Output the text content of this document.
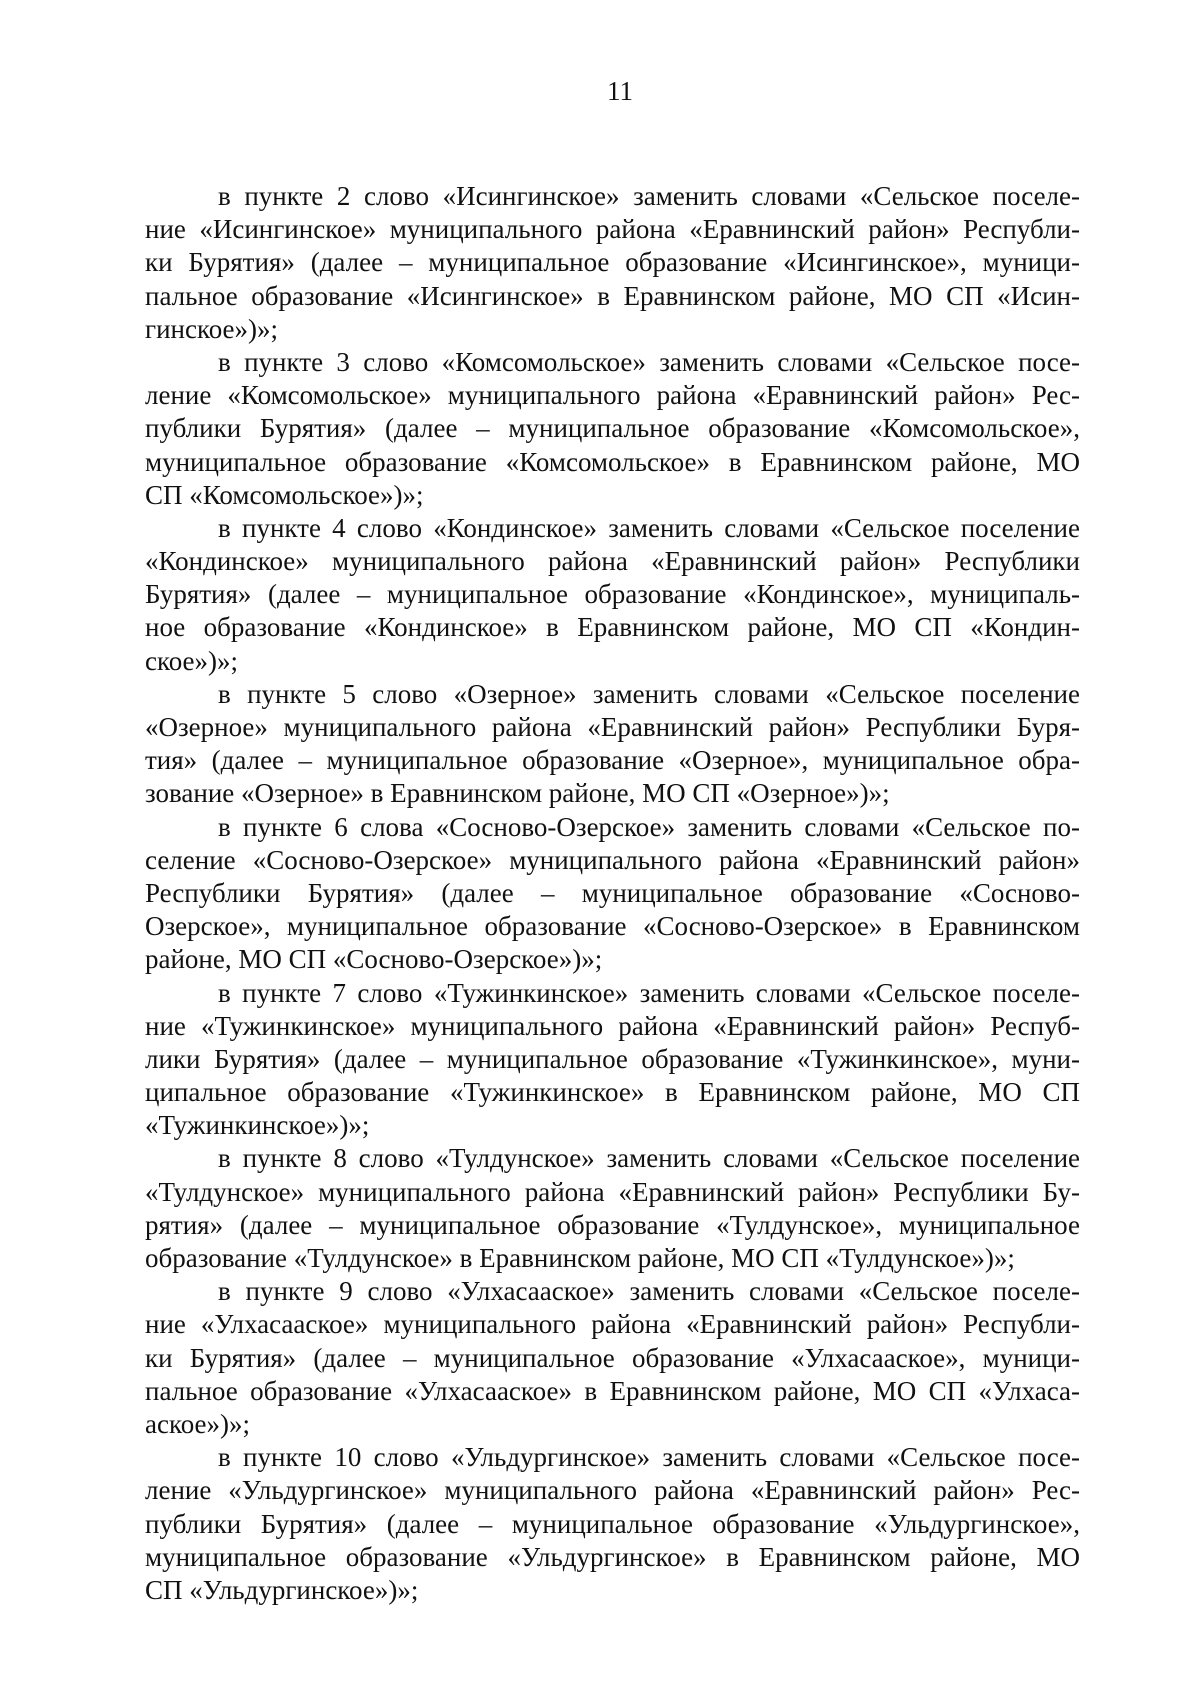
11
в пункте 2 слово «Исингинское» заменить словами «Сельское поселе-
ние «Исингинское» муниципального района «Еравнинский район» Республи-
ки Бурятия» (далее – муниципальное образование «Исингинское», муници-
пальное образование «Исингинское» в Еравнинском районе, МО СП «Исин-
гинское»)»;
в пункте 3 слово «Комсомольское» заменить словами «Сельское посе-
ление «Комсомольское» муниципального района «Еравнинский район» Рес-
публики Бурятия» (далее – муниципальное образование «Комсомольское»,
муниципальное образование «Комсомольское» в Еравнинском районе, МО
СП «Комсомольское»)»;
в пункте 4 слово «Кондинское» заменить словами «Сельское поселение
«Кондинское» муниципального района «Еравнинский район» Республики
Бурятия» (далее – муниципальное образование «Кондинское», муниципаль-
ное образование «Кондинское» в Еравнинском районе, МО СП «Кондин-
ское»)»;
в пункте 5 слово «Озерное» заменить словами «Сельское поселение
«Озерное» муниципального района «Еравнинский район» Республики Буря-
тия» (далее – муниципальное образование «Озерное», муниципальное обра-
зование «Озерное» в Еравнинском районе, МО СП «Озерное»)»;
в пункте 6 слова «Сосново-Озерское» заменить словами «Сельское по-
селение «Сосново-Озерское» муниципального района «Еравнинский район»
Республики Бурятия» (далее – муниципальное образование «Сосново-
Озерское», муниципальное образование «Сосново-Озерское» в Еравнинском
районе, МО СП «Сосново-Озерское»)»;
в пункте 7 слово «Тужинкинское» заменить словами «Сельское поселе-
ние «Тужинкинское» муниципального района «Еравнинский район» Респуб-
лики Бурятия» (далее – муниципальное образование «Тужинкинское», муни-
ципальное образование «Тужинкинское» в Еравнинском районе, МО СП
«Тужинкинское»)»;
в пункте 8 слово «Тулдунское» заменить словами «Сельское поселение
«Тулдунское» муниципального района «Еравнинский район» Республики Бу-
рятия» (далее – муниципальное образование «Тулдунское», муниципальное
образование «Тулдунское» в Еравнинском районе, МО СП «Тулдунское»)»;
в пункте 9 слово «Улхасаaское» заменить словами «Сельское поселе-
ние «Улхасаaское» муниципального района «Еравнинский район» Республи-
ки Бурятия» (далее – муниципальное образование «Улхасаaское», муници-
пальное образование «Улхасаaское» в Еравнинском районе, МО СП «Улхаса-
аское»)»;
в пункте 10 слово «Ульдургинское» заменить словами «Сельское посе-
ление «Ульдургинское» муниципального района «Еравнинский район» Рес-
публики Бурятия» (далее – муниципальное образование «Ульдургинское»,
муниципальное образование «Ульдургинское» в Еравнинском районе, МО
СП «Ульдургинское»)»;
